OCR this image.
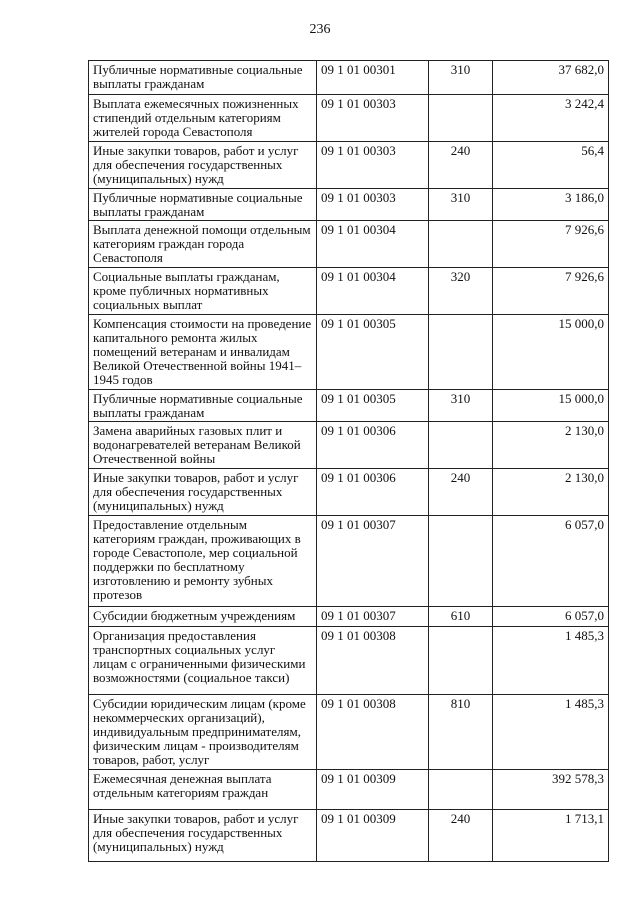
236
Публичные нормативные социальные выплаты гражданам	09 1 01 00301	310	37 682,0
Выплата ежемесячных пожизненных стипендий отдельным категориям жителей города Севастополя	09 1 01 00303		3 242,4
Иные закупки товаров, работ и услуг для обеспечения государственных (муниципальных) нужд	09 1 01 00303	240	56,4
Публичные нормативные социальные выплаты гражданам	09 1 01 00303	310	3 186,0
Выплата денежной помощи отдельным категориям граждан города Севастополя	09 1 01 00304		7 926,6
Социальные выплаты гражданам, кроме публичных нормативных социальных выплат	09 1 01 00304	320	7 926,6
Компенсация стоимости на проведение капитального ремонта жилых помещений ветеранам и инвалидам Великой Отечественной войны 1941–1945 годов	09 1 01 00305		15 000,0
Публичные нормативные социальные выплаты гражданам	09 1 01 00305	310	15 000,0
Замена аварийных газовых плит и водонагревателей ветеранам Великой Отечественной войны	09 1 01 00306		2 130,0
Иные закупки товаров, работ и услуг для обеспечения государственных (муниципальных) нужд	09 1 01 00306	240	2 130,0
Предоставление отдельным категориям граждан, проживающих в городе Севастополе, мер социальной поддержки по бесплатному изготовлению и ремонту зубных протезов	09 1 01 00307		6 057,0
Субсидии бюджетным учреждениям	09 1 01 00307	610	6 057,0
Организация предоставления транспортных социальных услуг лицам с ограниченными физическими возможностями (социальное такси)	09 1 01 00308		1 485,3
Субсидии юридическим лицам (кроме некоммерческих организаций), индивидуальным предпринимателям, физическим лицам - производителям товаров, работ, услуг	09 1 01 00308	810	1 485,3
Ежемесячная денежная выплата отдельным категориям граждан	09 1 01 00309		392 578,3
Иные закупки товаров, работ и услуг для обеспечения государственных (муниципальных) нужд	09 1 01 00309	240	1 713,1
